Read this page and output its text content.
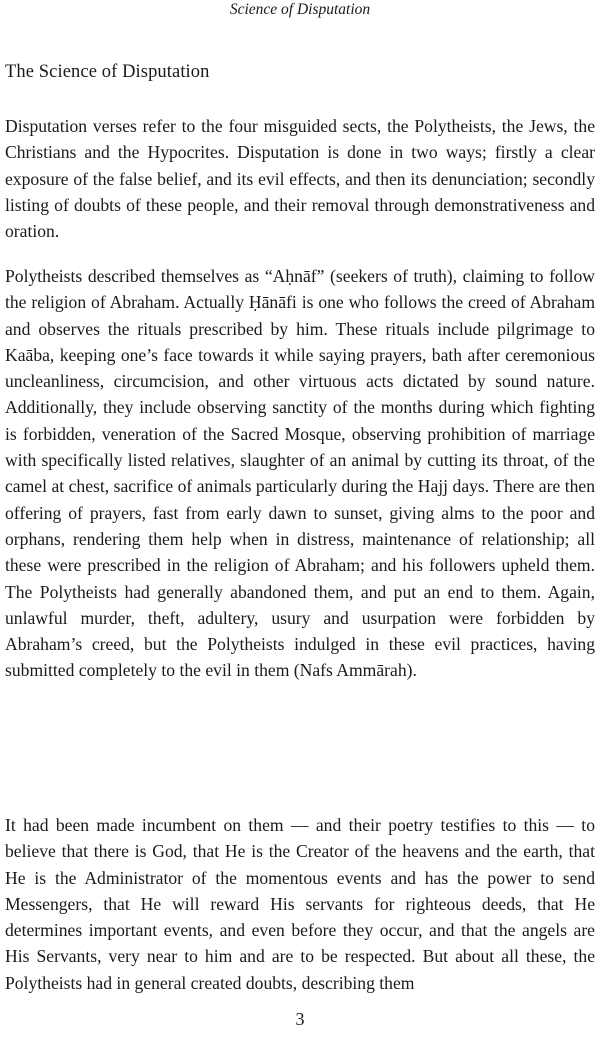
Science of Disputation
The Science of Disputation

Disputation verses refer to the four misguided sects, the Polytheists, the Jews, the Christians and the Hypocrites. Disputation is done in two ways; firstly a clear exposure of the false belief, and its evil effects, and then its denunciation; secondly listing of doubts of these people, and their removal through demonstrativeness and oration.

Polytheists described themselves as “Aḥnāf” (seekers of truth), claiming to follow the religion of Abraham. Actually Ḥānāfi is one who follows the creed of Abraham and observes the rituals prescribed by him. These rituals include pilgrimage to Kaāba, keeping one’s face towards it while saying prayers, bath after ceremonious uncleanliness, circumcision, and other virtuous acts dictated by sound nature. Additionally, they include observing sanctity of the months during which fighting is forbidden, veneration of the Sacred Mosque, observing prohibition of marriage with specifically listed relatives, slaughter of an animal by cutting its throat, of the camel at chest, sacrifice of animals particularly during the Hajj days. There are then offering of prayers, fast from early dawn to sunset, giving alms to the poor and orphans, rendering them help when in distress, maintenance of relationship; all these were prescribed in the religion of Abraham; and his followers upheld them. The Polytheists had generally abandoned them, and put an end to them. Again, unlawful murder, theft, adultery, usury and usurpation were forbidden by Abraham’s creed, but the Polytheists indulged in these evil practices, having submitted completely to the evil in them (Nafs Ammārah).

It had been made incumbent on them — and their poetry testifies to this — to believe that there is God, that He is the Creator of the heavens and the earth, that He is the Administrator of the momentous events and has the power to send Messengers, that He will reward His servants for righteous deeds, that He determines important events, and even before they occur, and that the angels are His Servants, very near to him and are to be respected. But about all these, the Polytheists had in general created doubts, describing them

3
